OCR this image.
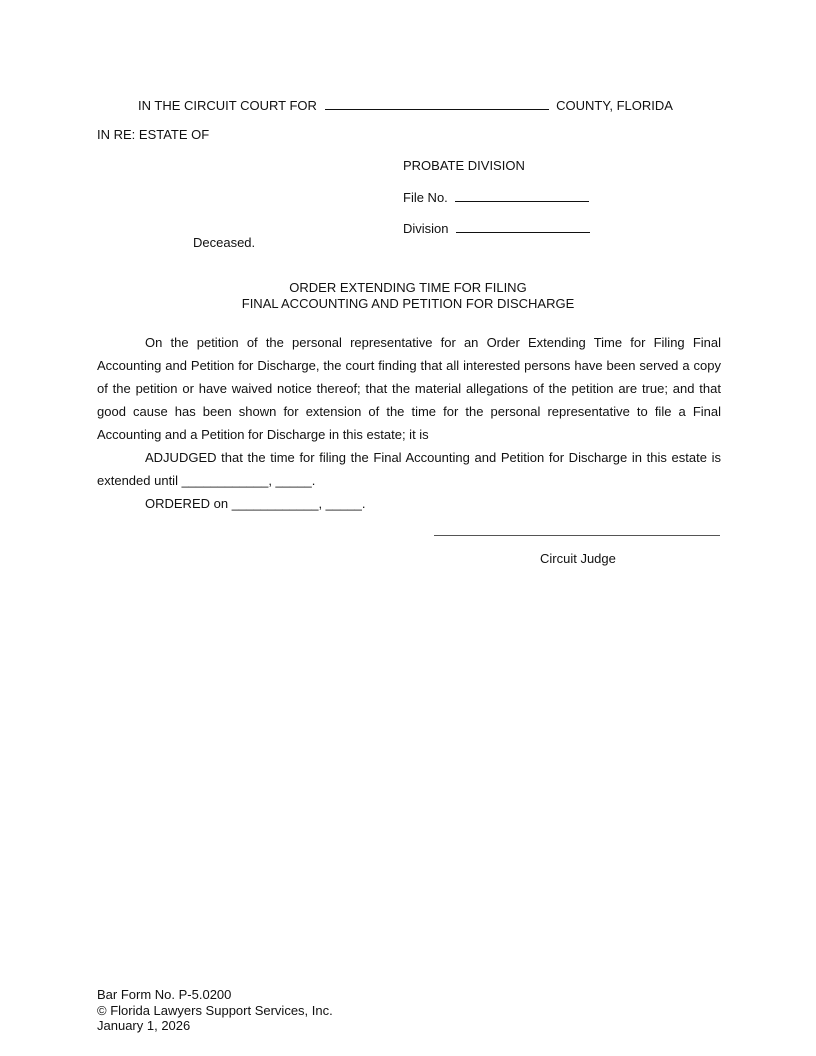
IN THE CIRCUIT COURT FOR	COUNTY, FLORIDA
IN RE: ESTATE OF
PROBATE DIVISION
File No.
Division
Deceased.
ORDER EXTENDING TIME FOR FILING
FINAL ACCOUNTING AND PETITION FOR DISCHARGE
On the petition of the personal representative for an Order Extending Time for Filing Final Accounting and Petition for Discharge, the court finding that all interested persons have been served a copy of the petition or have waived notice thereof; that the material allegations of the petition are true; and that good cause has been shown for extension of the time for the personal representative to file a Final Accounting and a Petition for Discharge in this estate; it is
ADJUDGED that the time for filing the Final Accounting and Petition for Discharge in this estate is extended until ____________, _____.
ORDERED on ____________, _____.
Circuit Judge
Bar Form No. P-5.0200
© Florida Lawyers Support Services, Inc.
January 1, 2026
